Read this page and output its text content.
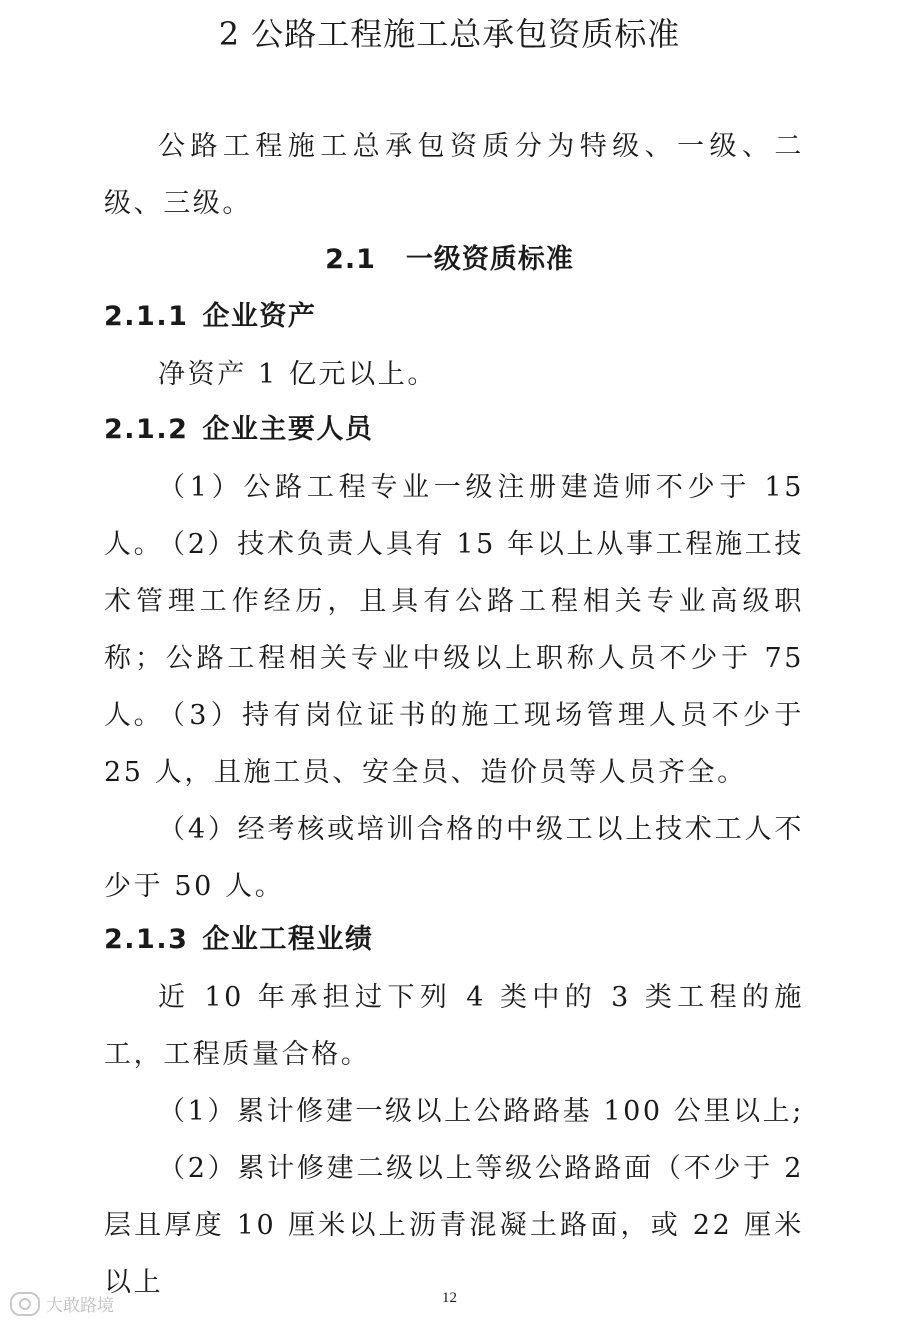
2 公路工程施工总承包资质标准

公路工程施工总承包资质分为特级、一级、二级、三级。

2.1 一级资质标准
2.1.1 企业资产

净资产 1 亿元以上。

2.1.2 企业主要人员

（1）公路工程专业一级注册建造师不少于 15 人。

（2）技术负责人具有 15 年以上从事工程施工技术管理工作经历，且具有公路工程相关专业高级职称；公路工程相关专业中级以上职称人员不少于 75 人。

（3）持有岗位证书的施工现场管理人员不少于 25 人，且施工员、安全员、造价员等人员齐全。

（4）经考核或培训合格的中级工以上技术工人不少于 50 人。

2.1.3 企业工程业绩

近 10 年承担过下列 4 类中的 3 类工程的施工，工程质量合格。

（1）累计修建一级以上公路路基 100 公里以上;

（2）累计修建二级以上等级公路路面（不少于 2 层且厚度 10 厘米以上沥青混凝土路面，或 22 厘米以上	12
大敢路境
